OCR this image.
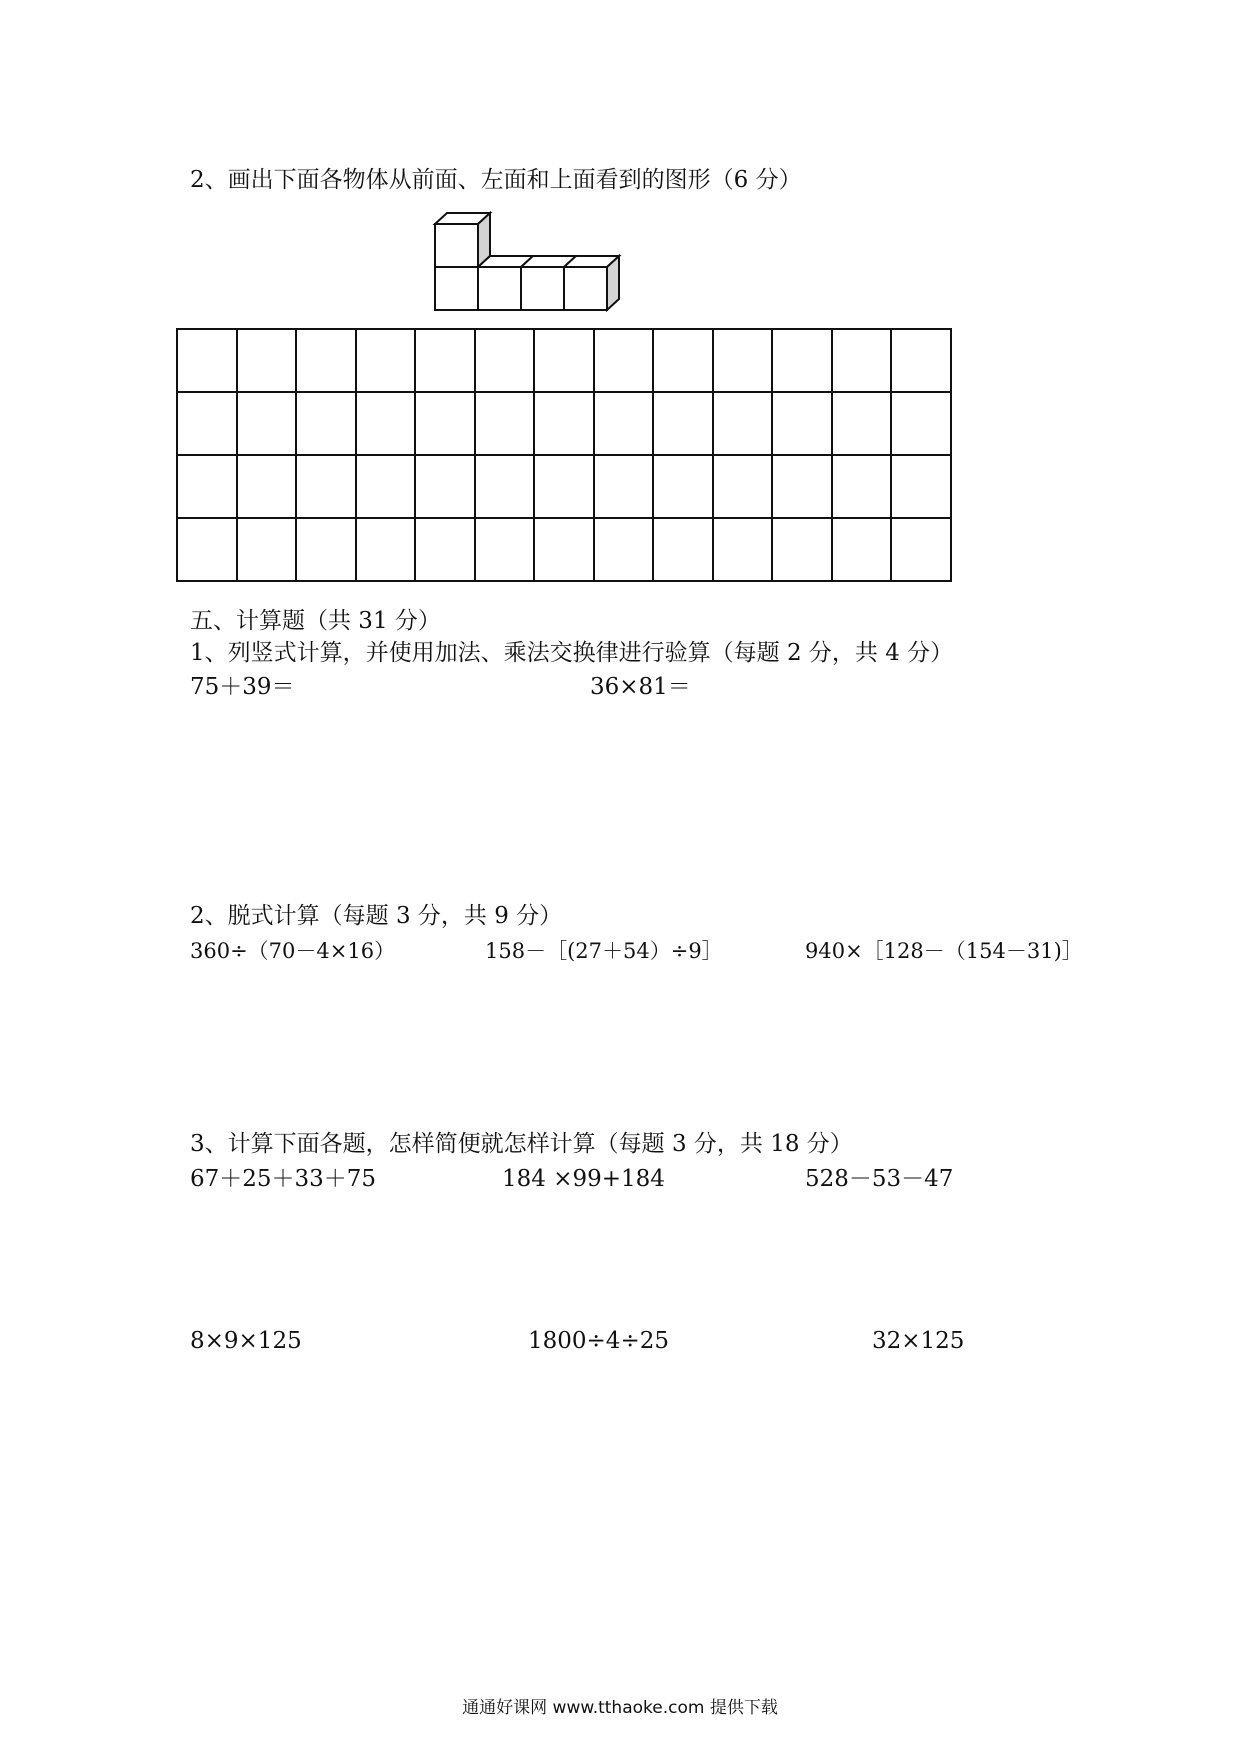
2、画出下面各物体从前面、左面和上面看到的图形（6 分）

五、计算题（共 31 分）
1、列竖式计算，并使用加法、乘法交换律进行验算（每题 2 分，共 4 分）
75＋39＝	36×81＝
2、脱式计算（每题 3 分，共 9 分）
360÷（70－4×16）	158－［(27＋54）÷9］	940×［128－（154－31)］
3、计算下面各题，怎样简便就怎样计算（每题 3 分，共 18 分）
67＋25＋33＋75	184 ×99+184	528－53－47
8×9×125	1800÷4÷25	32×125
通通好课网 www.tthaoke.com 提供下载
